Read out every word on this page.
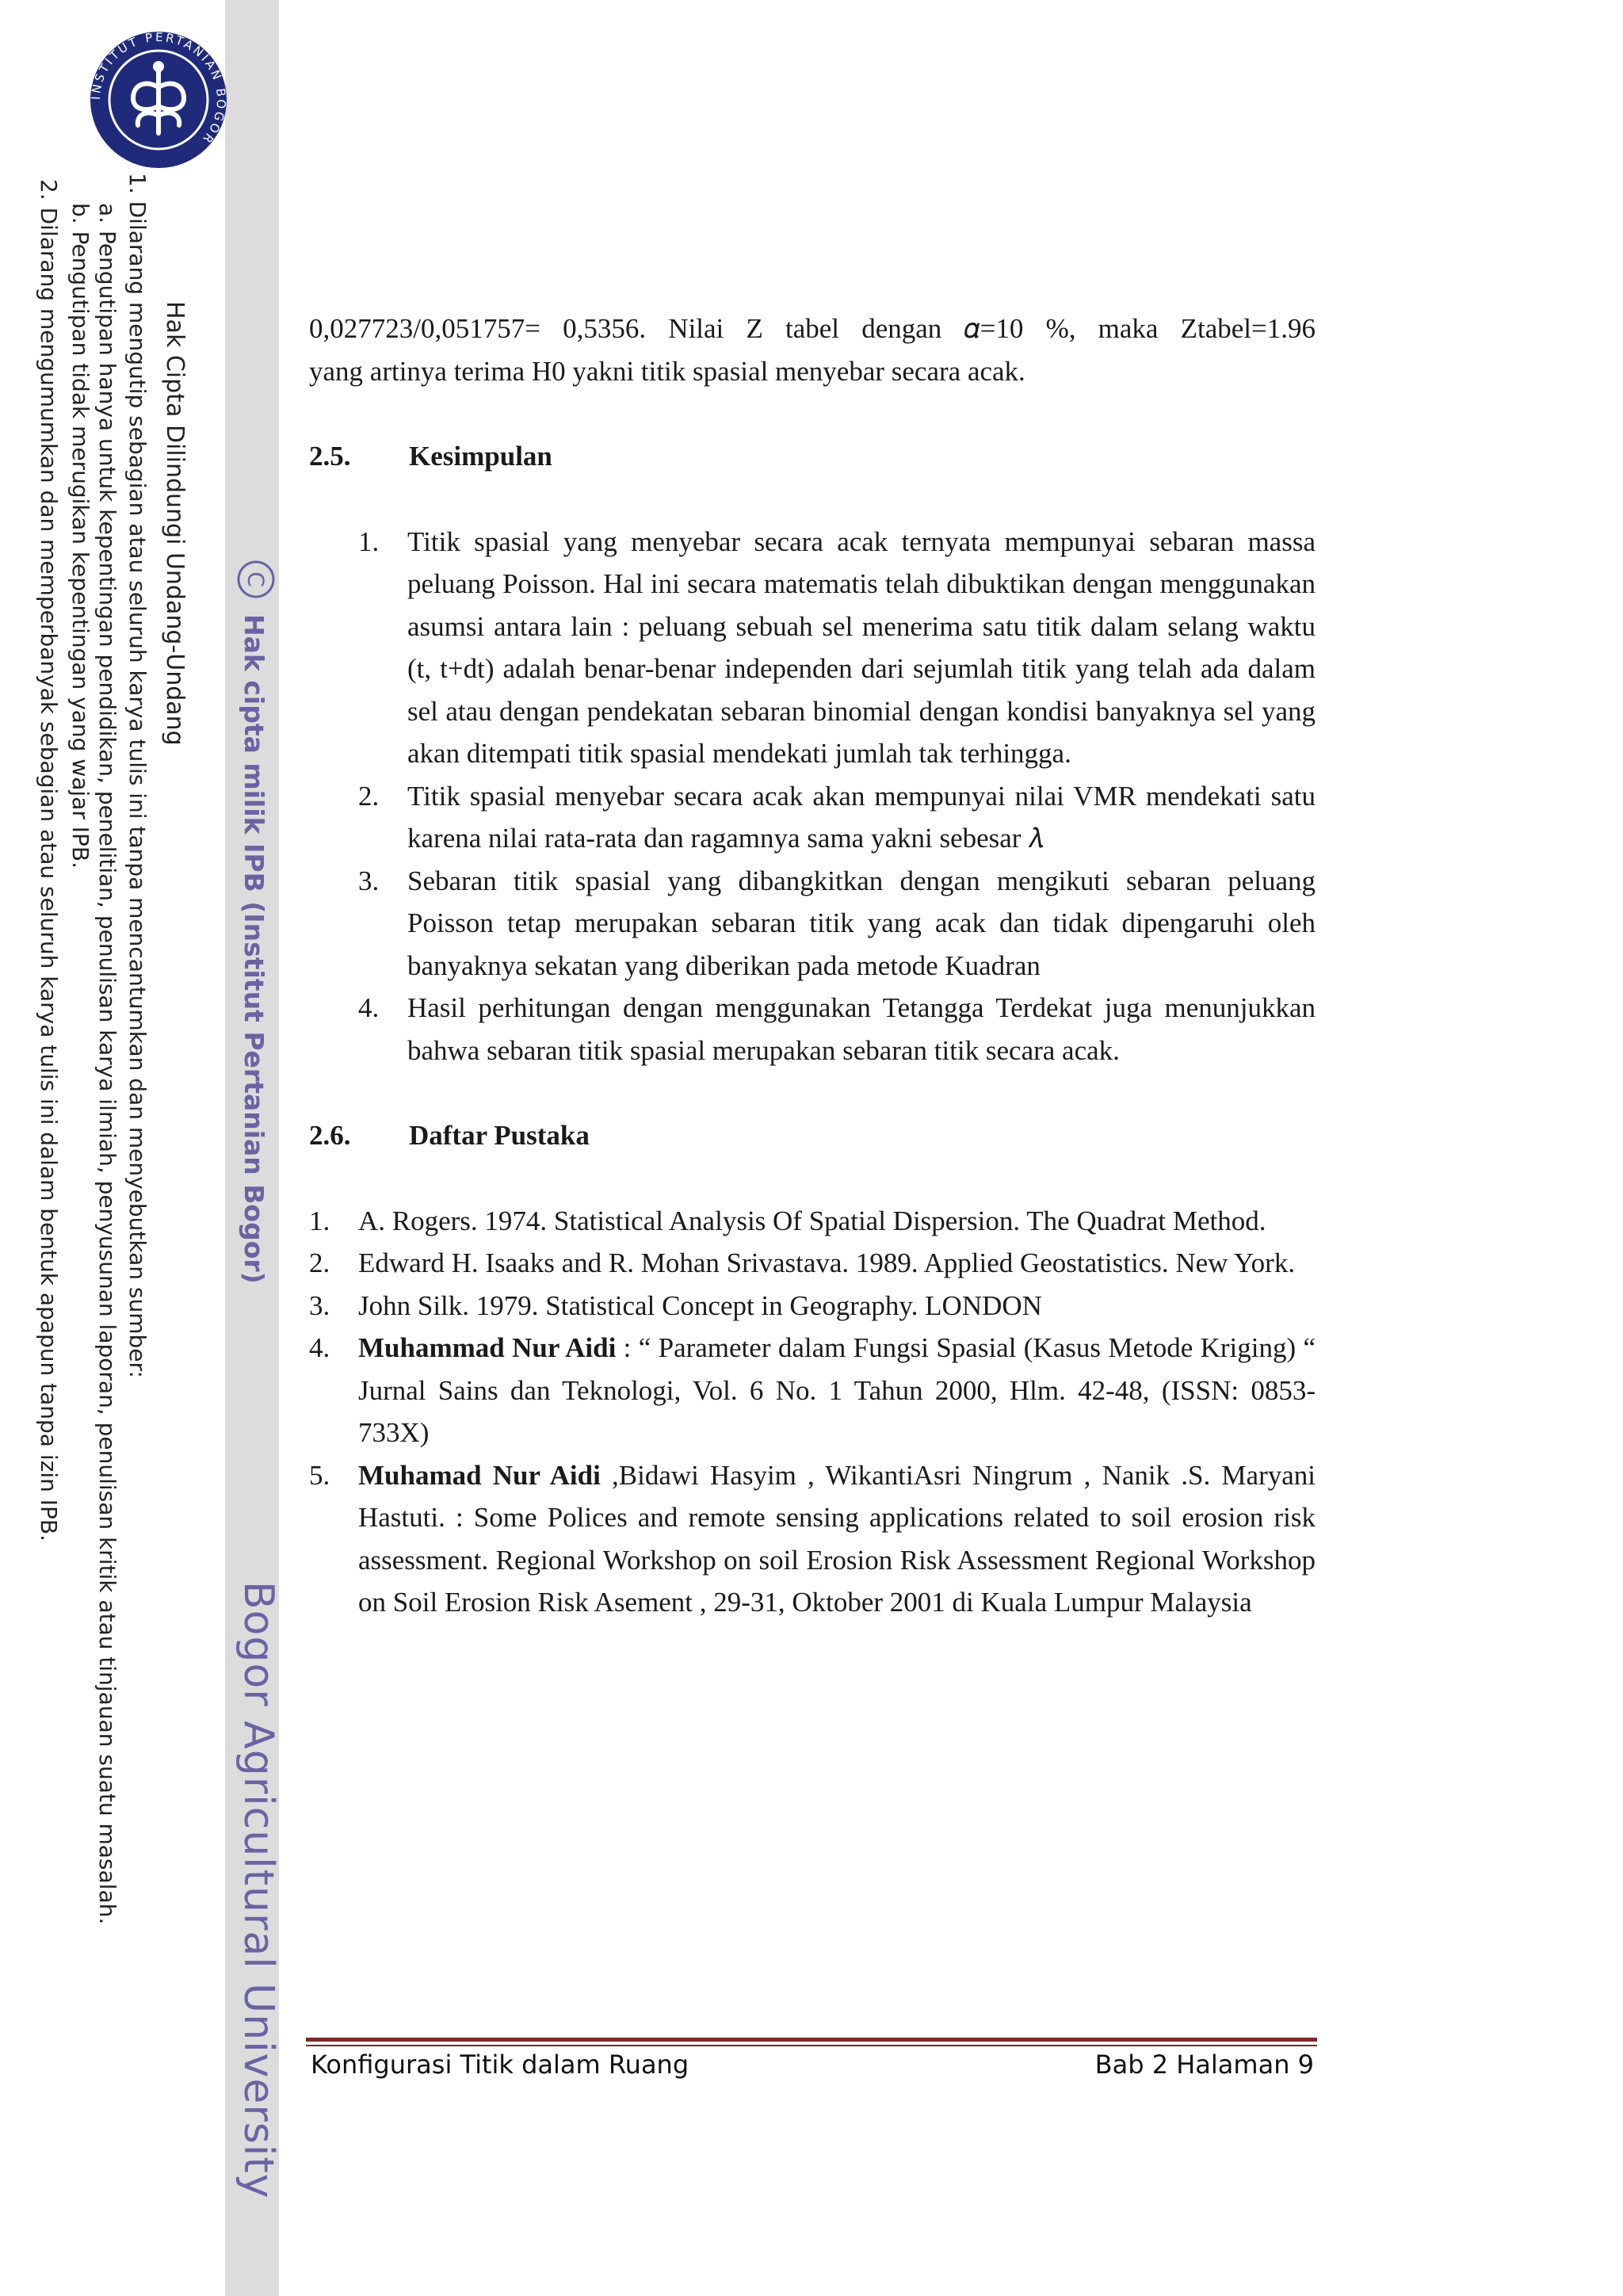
INSTITUT PERTANIAN BOGOR
Bogor Agricultural University
C
Hak cipta milik IPB (Institut Pertanian Bogor)
Hak Cipta Dilindungi Undang-Undang
1. Dilarang mengutip sebagian atau seluruh karya tulis ini tanpa mencantumkan dan menyebutkan sumber:
a. Pengutipan hanya untuk kepentingan pendidikan, penelitian, penulisan karya ilmiah, penyusunan laporan, penulisan kritik atau tinjauan suatu masalah.
b. Pengutipan tidak merugikan kepentingan yang wajar IPB.
2. Dilarang mengumumkan dan memperbanyak sebagian atau seluruh karya tulis ini dalam bentuk apapun tanpa izin IPB.	0,027723/0,051757= 0,5356. Nilai Z tabel dengan 𝛼=10 %, maka Ztabel=1.96

yang artinya terima H0 yakni titik spasial menyebar secara acak.

2.5.	Kesimpulan
1. Titik spasial yang menyebar secara acak ternyata mempunyai sebaran massa peluang Poisson. Hal ini secara matematis telah dibuktikan dengan menggunakan asumsi antara lain : peluang sebuah sel menerima satu titik dalam selang waktu (t, t+dt) adalah benar-benar independen dari sejumlah titik yang telah ada dalam sel atau dengan pendekatan sebaran binomial dengan kondisi banyaknya sel yang akan ditempati titik spasial mendekati jumlah tak terhingga.
2. Titik spasial menyebar secara acak akan mempunyai nilai VMR mendekati satu karena nilai rata-rata dan ragamnya sama yakni sebesar 𝜆
3. Sebaran titik spasial yang dibangkitkan dengan mengikuti sebaran peluang Poisson tetap merupakan sebaran titik yang acak dan tidak dipengaruhi oleh banyaknya sekatan yang diberikan pada metode Kuadran
4. Hasil perhitungan dengan menggunakan Tetangga Terdekat juga menunjukkan bahwa sebaran titik spasial merupakan sebaran titik secara acak.
2.6.	Daftar Pustaka
1. A. Rogers. 1974. Statistical Analysis Of Spatial Dispersion. The Quadrat Method.
2. Edward H. Isaaks and R. Mohan Srivastava. 1989. Applied Geostatistics. New York.
3. John Silk. 1979. Statistical Concept in Geography. LONDON
4. Muhammad Nur Aidi : “ Parameter dalam Fungsi Spasial (Kasus Metode Kriging) “ Jurnal Sains dan Teknologi, Vol. 6 No. 1 Tahun 2000, Hlm. 42-48, (ISSN: 0853-733X)
5. Muhamad Nur Aidi ,Bidawi Hasyim , WikantiAsri Ningrum , Nanik .S. Maryani Hastuti. : Some Polices and remote sensing applications related to soil erosion risk assessment. Regional Workshop on soil Erosion Risk Assessment Regional Workshop on Soil Erosion Risk Asement , 29-31, Oktober 2001 di Kuala Lumpur Malaysia
Konfigurasi Titik dalam Ruang	Bab 2 Halaman 9
